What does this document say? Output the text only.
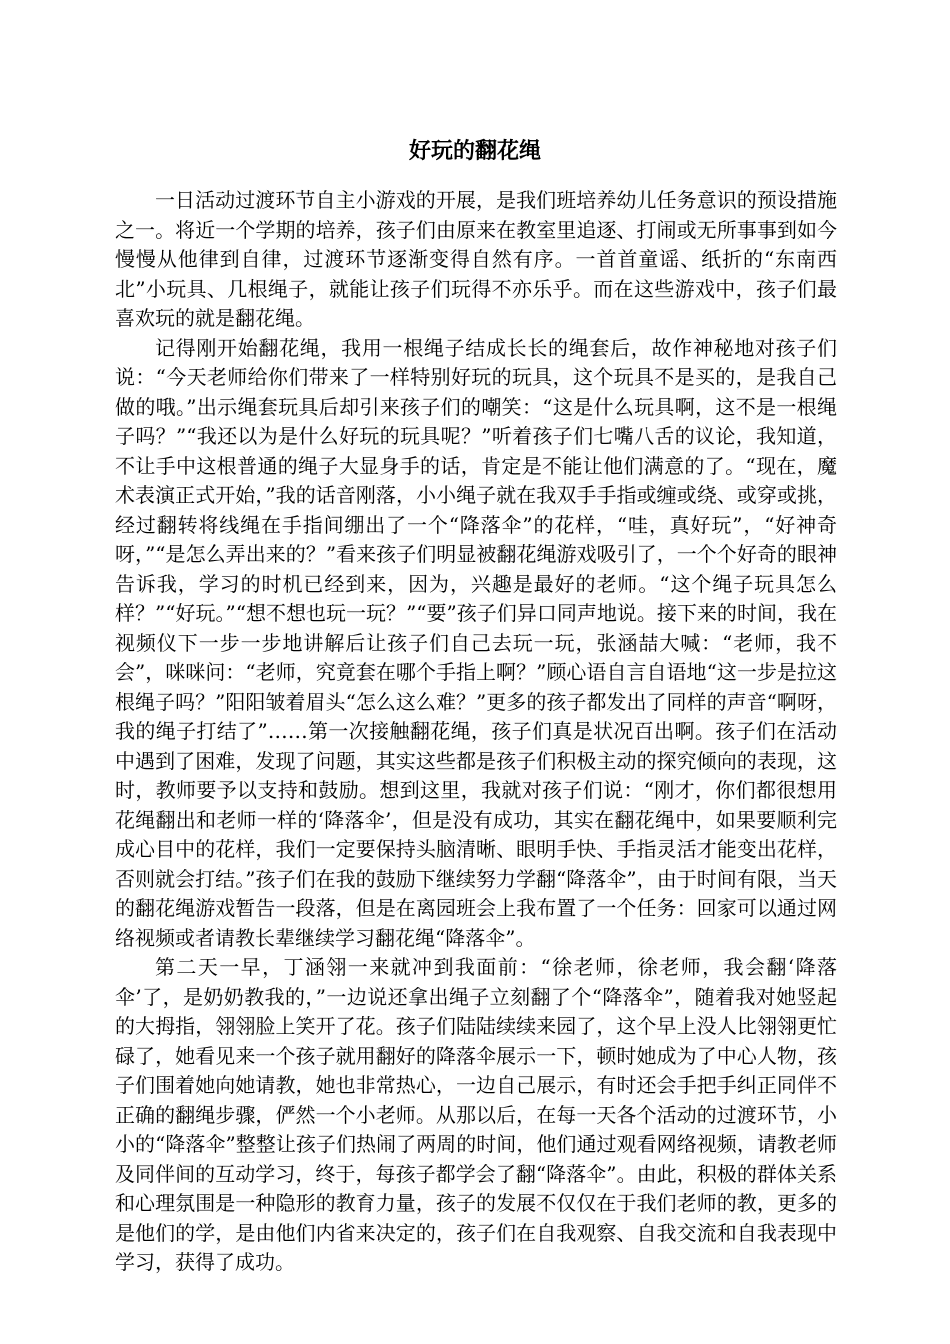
好玩的翻花绳

一日活动过渡环节自主小游戏的开展，是我们班培养幼儿任务意识的预设措施之一。将近一个学期的培养，孩子们由原来在教室里追逐、打闹或无所事事到如今慢慢从他律到自律，过渡环节逐渐变得自然有序。一首首童谣、纸折的“东南西北”小玩具、几根绳子，就能让孩子们玩得不亦乐乎。而在这些游戏中，孩子们最喜欢玩的就是翻花绳。

记得刚开始翻花绳，我用一根绳子结成长长的绳套后，故作神秘地对孩子们说：“今天老师给你们带来了一样特别好玩的玩具，这个玩具不是买的，是我自己做的哦。”出示绳套玩具后却引来孩子们的嘲笑：“这是什么玩具啊，这不是一根绳子吗？”“我还以为是什么好玩的玩具呢？”听着孩子们七嘴八舌的议论，我知道，不让手中这根普通的绳子大显身手的话，肯定是不能让他们满意的了。“现在，魔术表演正式开始，”我的话音刚落，小小绳子就在我双手手指或缠或绕、或穿或挑，经过翻转将线绳在手指间绷出了一个“降落伞”的花样，“哇，真好玩”，“好神奇呀，”“是怎么弄出来的？”看来孩子们明显被翻花绳游戏吸引了，一个个好奇的眼神告诉我，学习的时机已经到来，因为，兴趣是最好的老师。“这个绳子玩具怎么样？”“好玩。”“想不想也玩一玩？”“要”孩子们异口同声地说。接下来的时间，我在视频仪下一步一步地讲解后让孩子们自己去玩一玩，张涵喆大喊：“老师，我不会”，咪咪问：“老师，究竟套在哪个手指上啊？”顾心语自言自语地“这一步是拉这根绳子吗？”阳阳皱着眉头“怎么这么难？”更多的孩子都发出了同样的声音“啊呀，我的绳子打结了”……第一次接触翻花绳，孩子们真是状况百出啊。孩子们在活动中遇到了困难，发现了问题，其实这些都是孩子们积极主动的探究倾向的表现，这时，教师要予以支持和鼓励。想到这里，我就对孩子们说：“刚才，你们都很想用花绳翻出和老师一样的‘降落伞’，但是没有成功，其实在翻花绳中，如果要顺利完成心目中的花样，我们一定要保持头脑清晰、眼明手快、手指灵活才能变出花样，否则就会打结。”孩子们在我的鼓励下继续努力学翻“降落伞”，由于时间有限，当天的翻花绳游戏暂告一段落，但是在离园班会上我布置了一个任务：回家可以通过网络视频或者请教长辈继续学习翻花绳“降落伞”。

第二天一早，丁涵翎一来就冲到我面前：“徐老师，徐老师，我会翻‘降落伞’了，是奶奶教我的，”一边说还拿出绳子立刻翻了个“降落伞”，随着我对她竖起的大拇指，翎翎脸上笑开了花。孩子们陆陆续续来园了，这个早上没人比翎翎更忙碌了，她看见来一个孩子就用翻好的降落伞展示一下，顿时她成为了中心人物，孩子们围着她向她请教，她也非常热心，一边自己展示，有时还会手把手纠正同伴不正确的翻绳步骤，俨然一个小老师。从那以后，在每一天各个活动的过渡环节，小小的“降落伞”整整让孩子们热闹了两周的时间，他们通过观看网络视频，请教老师及同伴间的互动学习，终于，每孩子都学会了翻“降落伞”。由此，积极的群体关系和心理氛围是一种隐形的教育力量，孩子的发展不仅仅在于我们老师的教，更多的是他们的学，是由他们内省来决定的，孩子们在自我观察、自我交流和自我表现中学习，获得了成功。
